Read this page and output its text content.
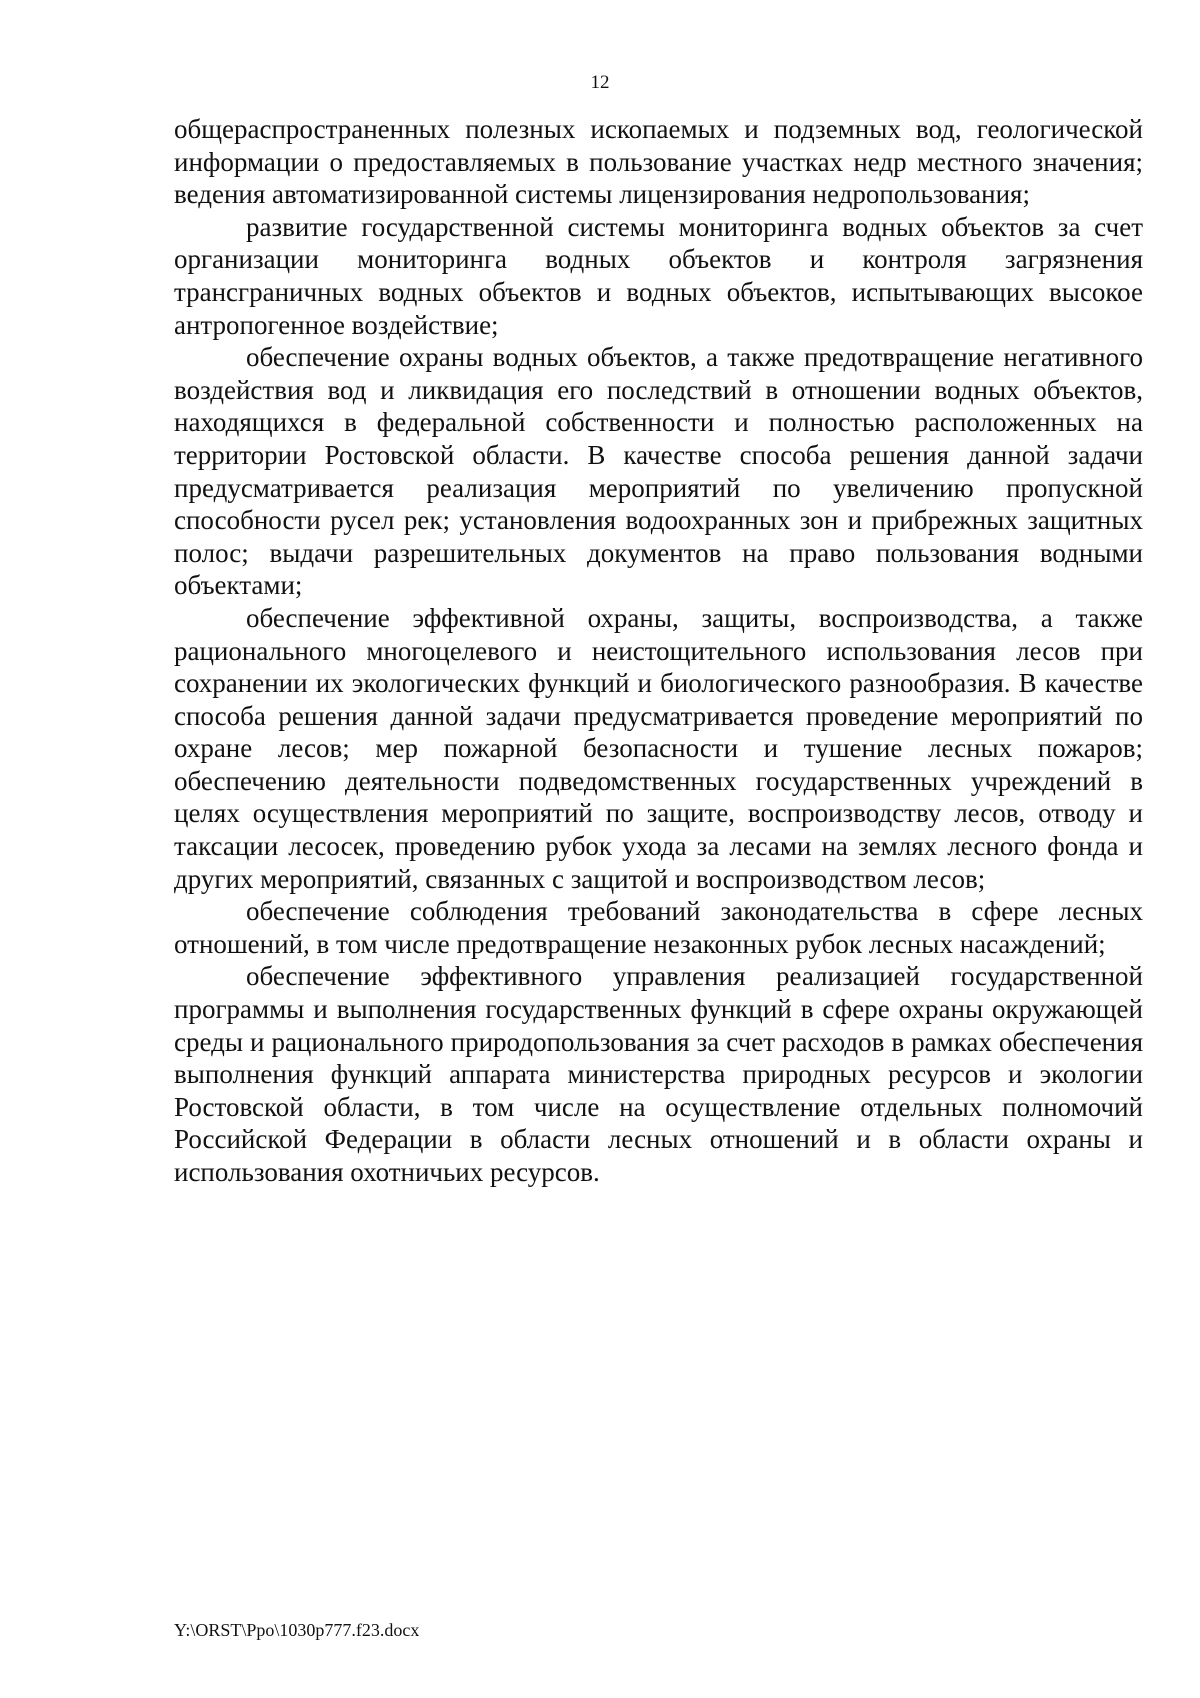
12

общераспространенных полезных ископаемых и подземных вод, геологической информации о предоставляемых в пользование участках недр местного значения; ведения автоматизированной системы лицензирования недропользования;

развитие государственной системы мониторинга водных объектов за счет организации мониторинга водных объектов и контроля загрязнения трансграничных водных объектов и водных объектов, испытывающих высокое антропогенное воздействие;

обеспечение охраны водных объектов, а также предотвращение негативного воздействия вод и ликвидация его последствий в отношении водных объектов, находящихся в федеральной собственности и полностью расположенных на территории Ростовской области. В качестве способа решения данной задачи предусматривается реализация мероприятий по увеличению пропускной способности русел рек; установления водоохранных зон и прибрежных защитных полос; выдачи разрешительных документов на право пользования водными объектами;

обеспечение эффективной охраны, защиты, воспроизводства, а также рационального многоцелевого и неистощительного использования лесов при сохранении их экологических функций и биологического разнообразия. В качестве способа решения данной задачи предусматривается проведение мероприятий по охране лесов; мер пожарной безопасности и тушение лесных пожаров; обеспечению деятельности подведомственных государственных учреждений в целях осуществления мероприятий по защите, воспроизводству лесов, отводу и таксации лесосек, проведению рубок ухода за лесами на землях лесного фонда и других мероприятий, связанных с защитой и воспроизводством лесов;

обеспечение соблюдения требований законодательства в сфере лесных отношений, в том числе предотвращение незаконных рубок лесных насаждений;

обеспечение эффективного управления реализацией государственной программы и выполнения государственных функций в сфере охраны окружающей среды и рационального природопользования за счет расходов в рамках обеспечения выполнения функций аппарата министерства природных ресурсов и экологии Ростовской области, в том числе на осуществление отдельных полномочий Российской Федерации в области лесных отношений и в области охраны и использования охотничьих ресурсов.

Y:\ORST\Ppo\1030p777.f23.docx
